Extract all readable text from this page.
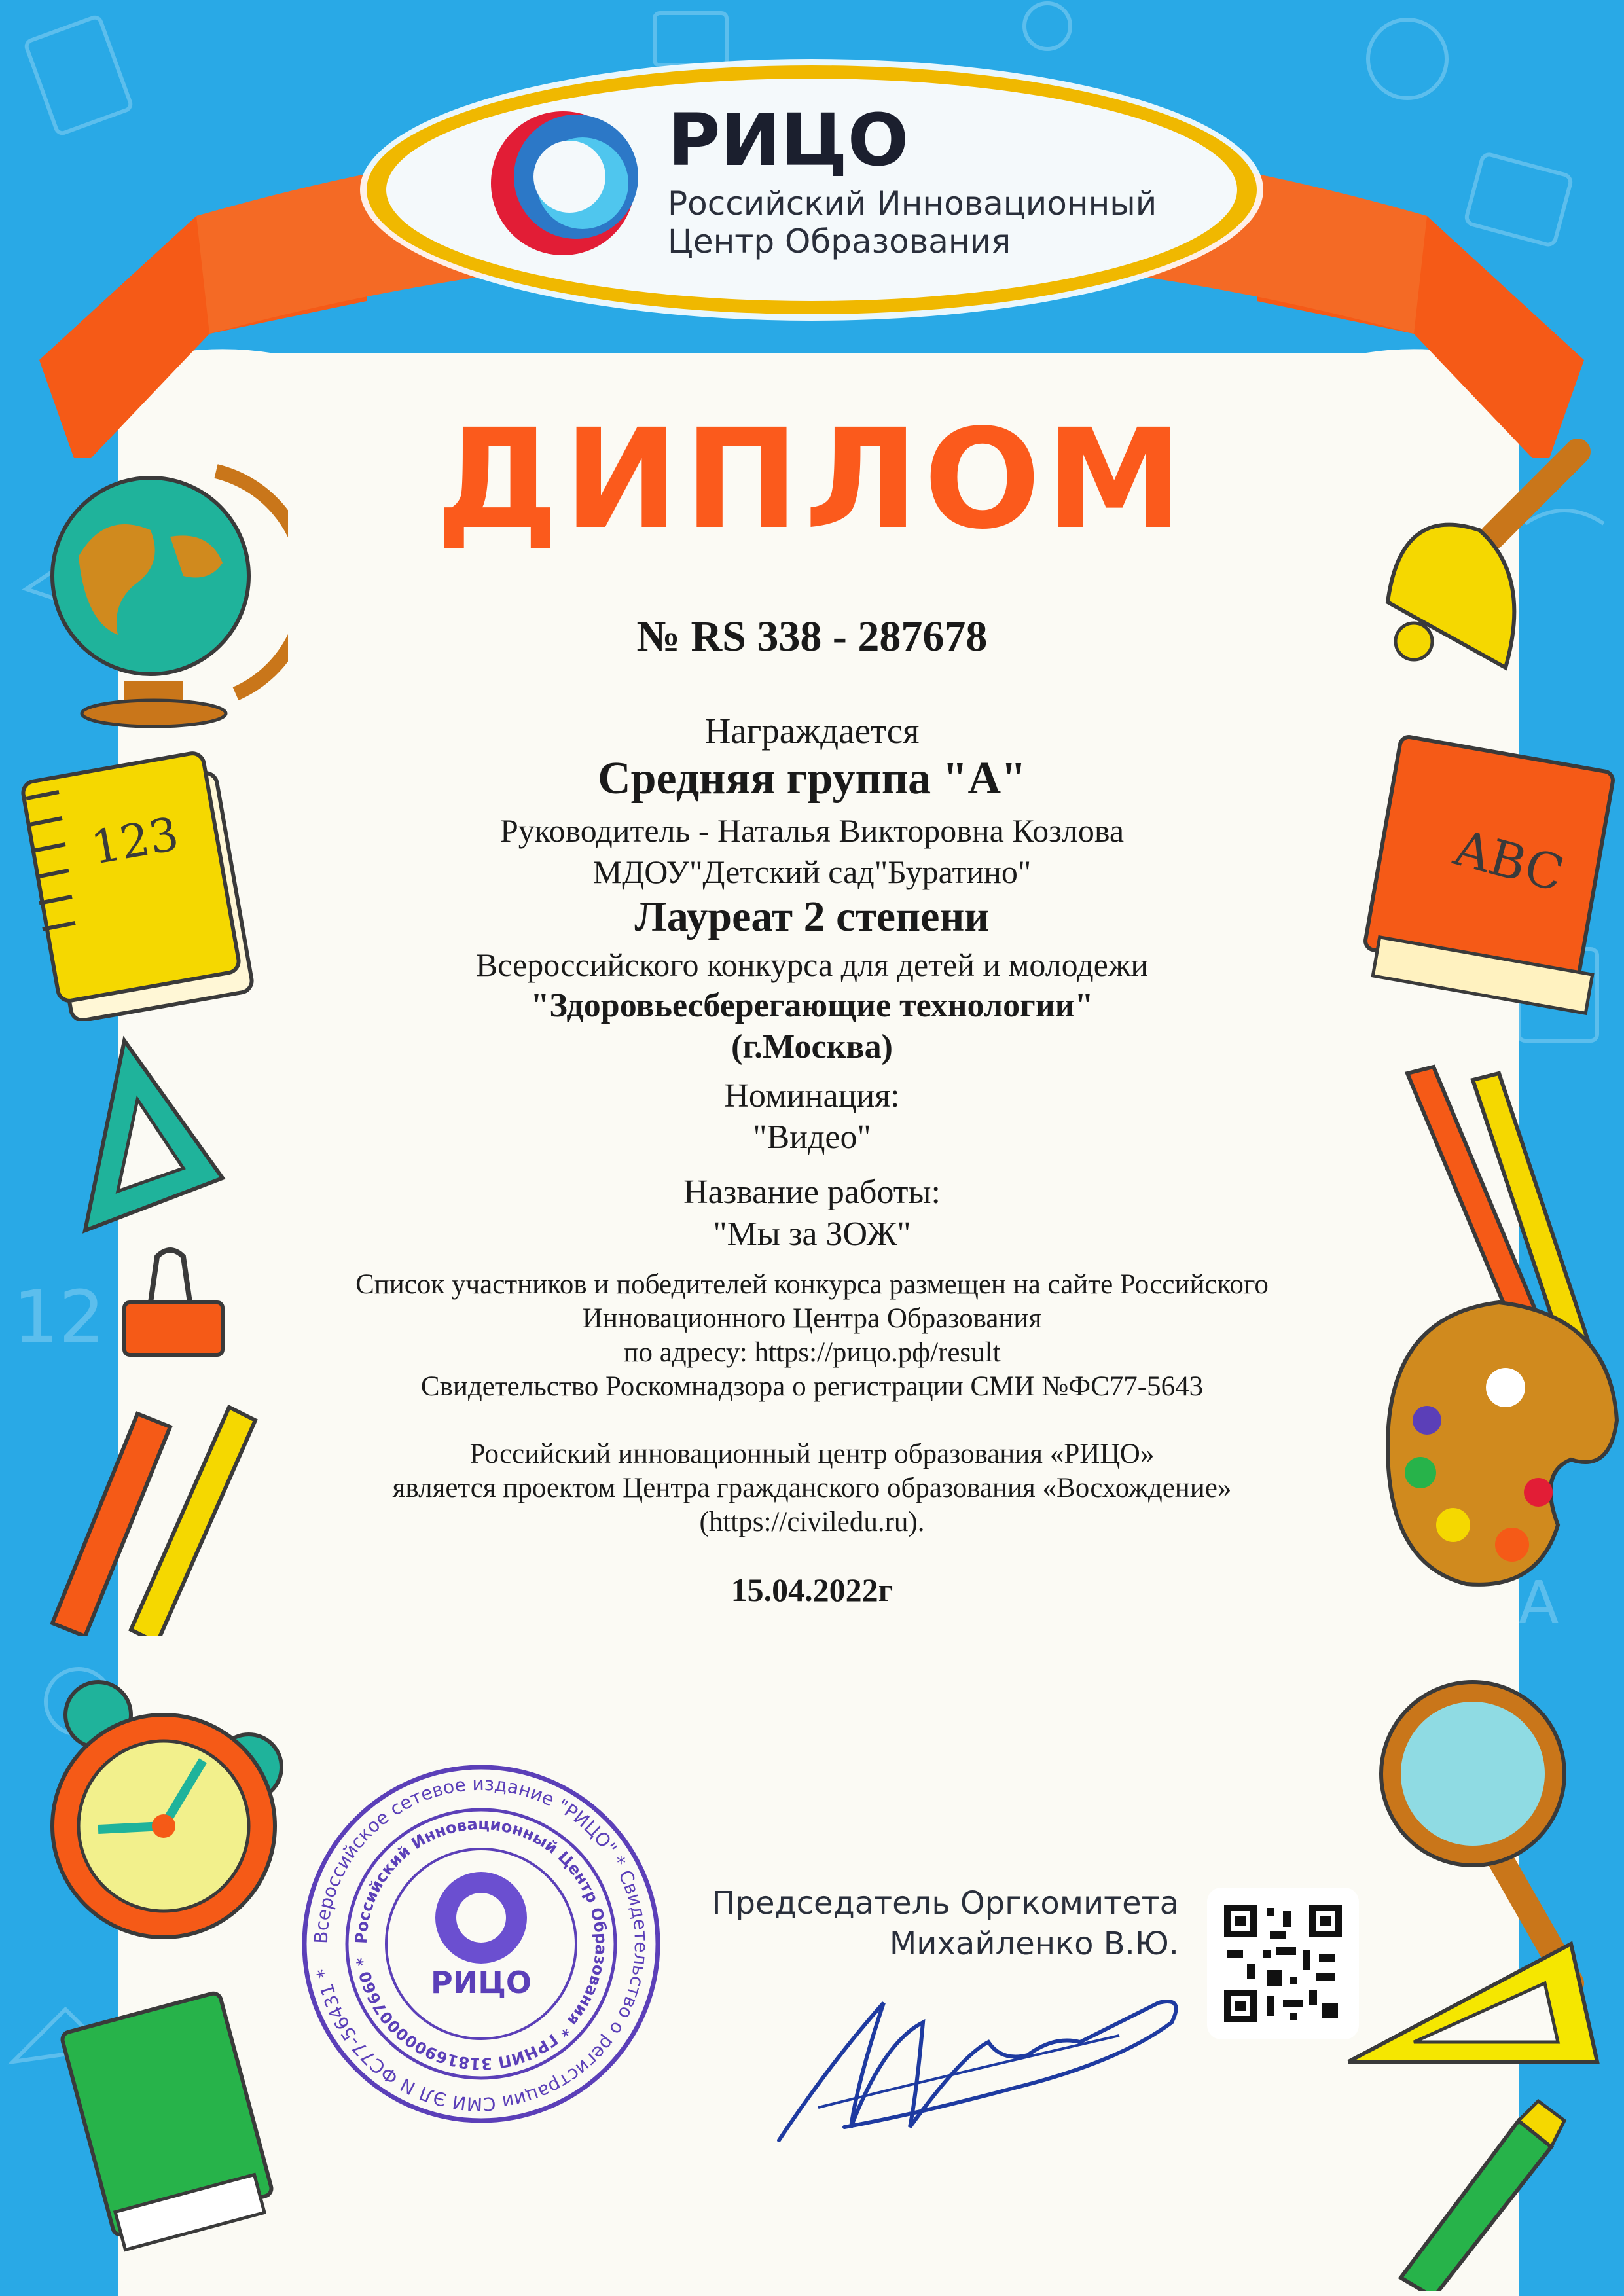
12
A
РИЦО
Российский Инновационный
Центр Образования
ДИПЛОМ
№ RS 338 - 287678
Награждается
Средняя группа "А"
Руководитель - Наталья Викторовна Козлова
МДОУ"Детский сад"Буратино"
Лауреат 2 степени
Всероссийского конкурса для детей и молодежи
"Здоровьесберегающие технологии"
(г.Москва)
Номинация:
"Видео"
Название работы:
"Мы за ЗОЖ"
Список участников и победителей конкурса размещен на сайте Российского
Инновационного Центра Образования
по адресу: https://рицо.рф/result
Свидетельство Роскомнадзора о регистрации СМИ №ФС77-5643
Российский инновационный центр образования «РИЦО»
является проектом Центра гражданского образования «Восхождение»
(https://civiledu.ru).
15.04.2022г
123	ABC
Всероссийское сетевое издание "РИЦО" * Свидетельство о регистрации СМИ ЭЛ N ФС77-56431 *
Российский Инновационный Центр Образования * ГРНИП 318169000007660 *
РИЦО
Председатель Оргкомитета
Михайленко В.Ю.
